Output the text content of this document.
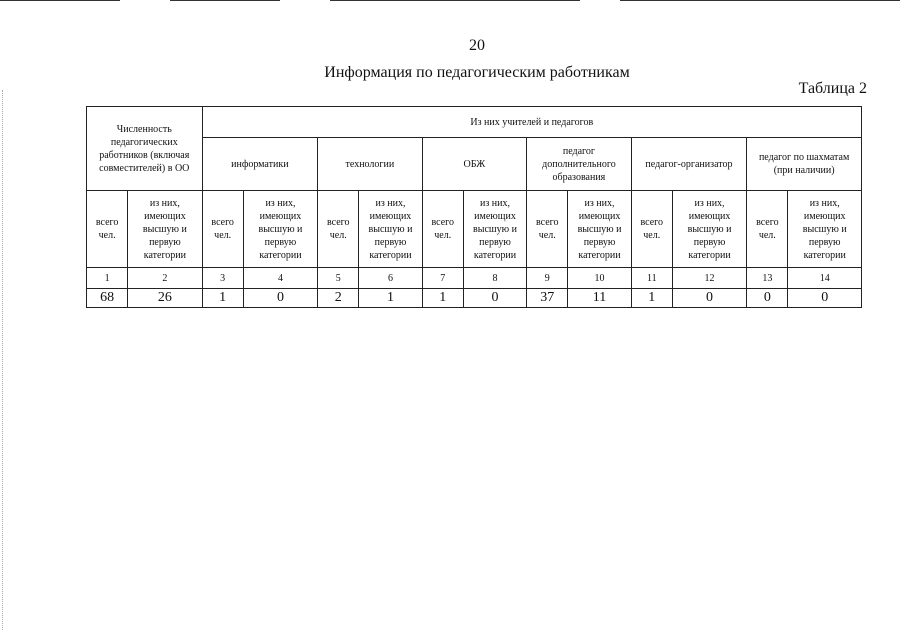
20
Информация по педагогическим работникам
Таблица 2
Численность педагогических работников (включая совместителей) в ОО		Из них учителей и педагогов											
		информатики		технологии		ОБЖ		педагог дополнительного образования		педагог-организатор		педагог по шахматам (при наличии)	
всего чел.	из них, имеющих высшую и первую категории	всего чел.	из них, имеющих высшую и первую категории	всего чел.	из них, имеющих высшую и первую категории	всего чел.	из них, имеющих высшую и первую категории	всего чел.	из них, имеющих высшую и первую категории	всего чел.	из них, имеющих высшую и первую категории	всего чел.	из них, имеющих высшую и первую категории
1	2	3	4	5	6	7	8	9	10	11	12	13	14
68	26	1	0	2	1	1	0	37	11	1	0	0	0
